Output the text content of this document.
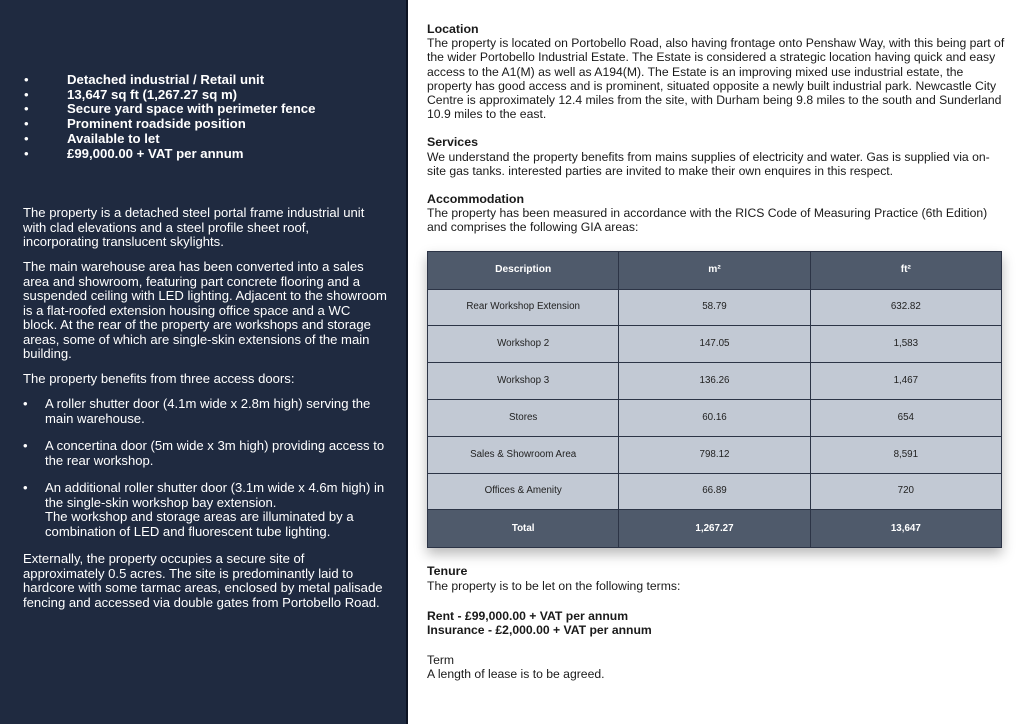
• Detached industrial / Retail unit
• 13,647 sq ft (1,267.27 sq m)
• Secure yard space with perimeter fence
• Prominent roadside position
• Available to let
• £99,000.00 + VAT per annum

The property is a detached steel portal frame industrial unit with clad elevations and a steel profile sheet roof, incorporating translucent skylights.

The main warehouse area has been converted into a sales area and showroom, featuring part concrete flooring and a suspended ceiling with LED lighting. Adjacent to the showroom is a flat-roofed extension housing office space and a WC block. At the rear of the property are workshops and storage areas, some of which are single-skin extensions of the main building.

The property benefits from three access doors:

• A roller shutter door (4.1m wide x 2.8m high) serving the main warehouse.
• A concertina door (5m wide x 3m high) providing access to the rear workshop.
• An additional roller shutter door (3.1m wide x 4.6m high) in the single-skin workshop bay extension.
The workshop and storage areas are illuminated by a combination of LED and fluorescent tube lighting.

Externally, the property occupies a secure site of approximately 0.5 acres. The site is predominantly laid to hardcore with some tarmac areas, enclosed by metal palisade fencing and accessed via double gates from Portobello Road.

Location

The property is located on Portobello Road, also having frontage onto Penshaw Way, with this being part of the wider Portobello Industrial Estate. The Estate is considered a strategic location having quick and easy access to the A1(M) as well as A194(M). The Estate is an improving mixed use industrial estate, the property has good access and is prominent, situated opposite a newly built industrial park. Newcastle City Centre is approximately 12.4 miles from the site, with Durham being 9.8 miles to the south and Sunderland 10.9 miles to the east.

Services

We understand the property benefits from mains supplies of electricity and water. Gas is supplied via on-site gas tanks. interested parties are invited to make their own enquires in this respect.

Accommodation

The property has been measured in accordance with the RICS Code of Measuring Practice (6th Edition) and comprises the following GIA areas:

Description	m²	ft²
Rear Workshop Extension	58.79	632.82
Workshop 2	147.05	1,583
Workshop 3	136.26	1,467
Stores	60.16	654
Sales & Showroom Area	798.12	8,591
Offices & Amenity	66.89	720
Total	1,267.27	13,647
Tenure

The property is to be let on the following terms:

Rent - £99,000.00 + VAT per annum
Insurance - £2,000.00 + VAT per annum
Term

A length of lease is to be agreed.
